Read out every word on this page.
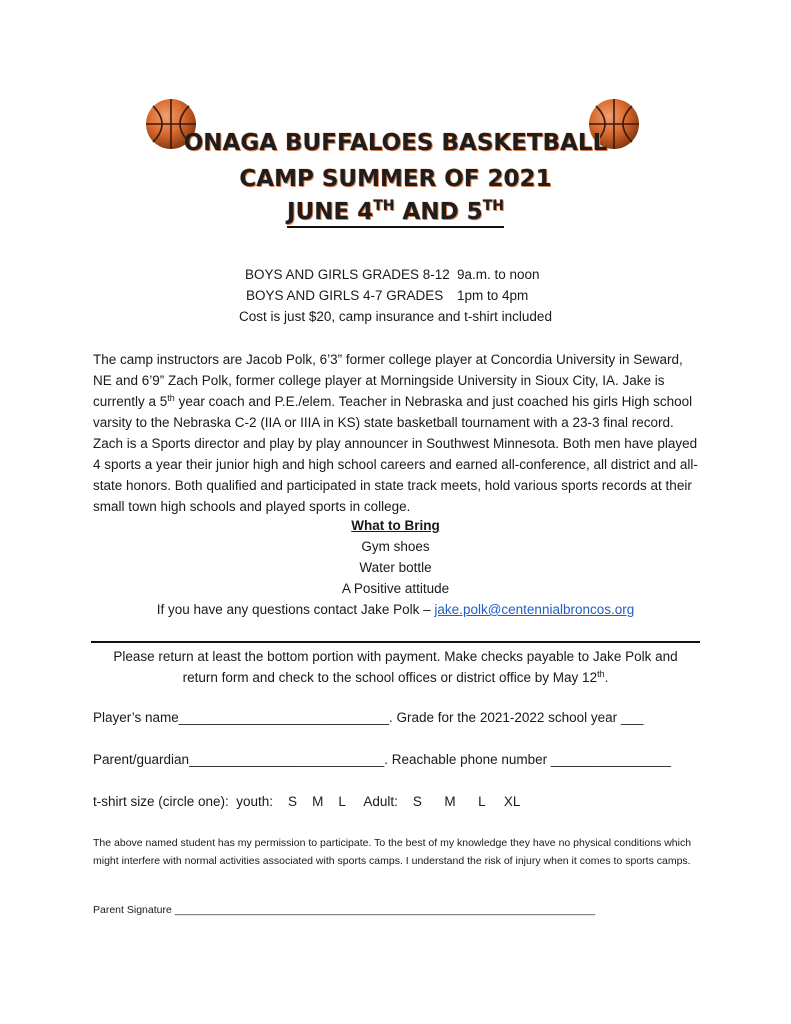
ONAGA BUFFALOES BASKETBALL
CAMP SUMMER OF 2021
JUNE 4TH AND 5TH
BOYS AND GIRLS GRADES 8-12 9a.m. to noon
BOYS AND GIRLS 4-7 GRADES 1pm to 4pm
Cost is just $20, camp insurance and t-shirt included
The camp instructors are Jacob Polk, 6’3” former college player at Concordia University in Seward, NE and 6’9” Zach Polk, former college player at Morningside University in Sioux City, IA. Jake is currently a 5th year coach and P.E./elem. Teacher in Nebraska and just coached his girls High school varsity to the Nebraska C-2 (IIA or IIIA in KS) state basketball tournament with a 23-3 final record. Zach is a Sports director and play by play announcer in Southwest Minnesota. Both men have played 4 sports a year their junior high and high school careers and earned all-conference, all district and all-state honors. Both qualified and participated in state track meets, hold various sports records at their small town high schools and played sports in college.
What to Bring
Gym shoes
Water bottle
A Positive attitude
If you have any questions contact Jake Polk – jake.polk@centennialbroncos.org
Please return at least the bottom portion with payment. Make checks payable to Jake Polk and
return form and check to the school offices or district office by May 12th.
Player’s name____________________________. Grade for the 2021-2022 school year ___
Parent/guardian__________________________. Reachable phone number ________________
t-shirt size (circle one):  youth:    S    M    L     Adult:    S      M      L     XL
The above named student has my permission to participate. To the best of my knowledge they have no physical conditions which might interfere with normal activities associated with sports camps. I understand the risk of injury when it comes to sports camps.
Parent Signature ________________________________________________________________________
